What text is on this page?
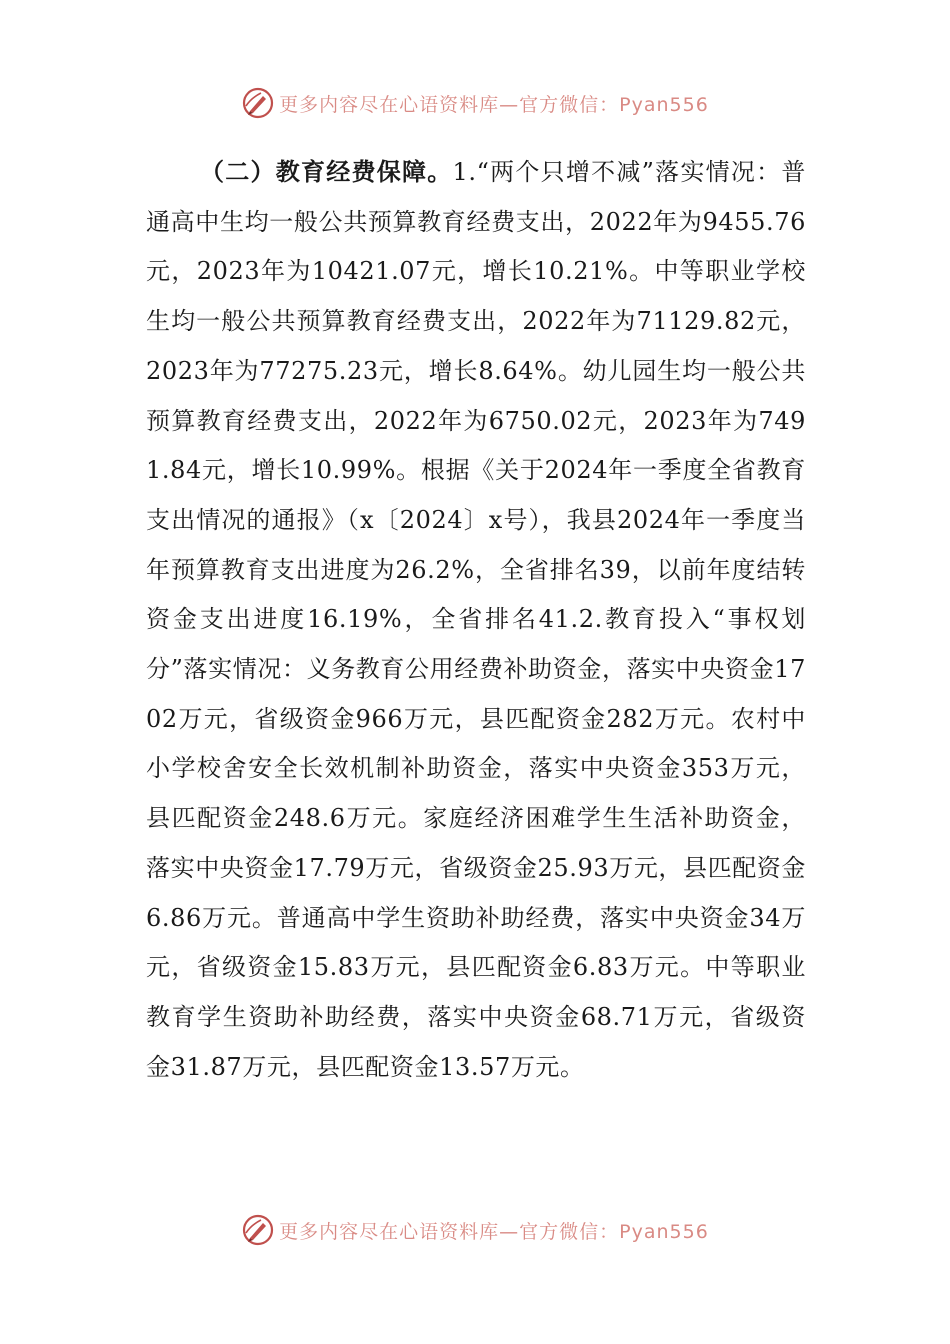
更多内容尽在心语资料库—官方微信：Pyan556
（二）教育经费保障。1.“两个只增不减”落实情况：普通高中生均一般公共预算教育经费支出，2022年为9455.76元，2023年为10421.07元，增长10.21%。中等职业学校生均一般公共预算教育经费支出，2022年为71129.82元，2023年为77275.23元，增长8.64%。幼儿园生均一般公共预算教育经费支出，2022年为6750.02元，2023年为7491.84元，增长10.99%。根据《关于2024年一季度全省教育支出情况的通报》（x〔2024〕x号），我县2024年一季度当年预算教育支出进度为26.2%，全省排名39，以前年度结转资金支出进度16.19%，全省排名41.2.教育投入“事权划分”落实情况：义务教育公用经费补助资金，落实中央资金1702万元，省级资金966万元，县匹配资金282万元。农村中小学校舍安全长效机制补助资金，落实中央资金353万元，县匹配资金248.6万元。家庭经济困难学生生活补助资金，落实中央资金17.79万元，省级资金25.93万元，县匹配资金6.86万元。普通高中学生资助补助经费，落实中央资金34万元，省级资金15.83万元，县匹配资金6.83万元。中等职业教育学生资助补助经费，落实中央资金68.71万元，省级资金31.87万元，县匹配资金13.57万元。
更多内容尽在心语资料库—官方微信：Pyan556
